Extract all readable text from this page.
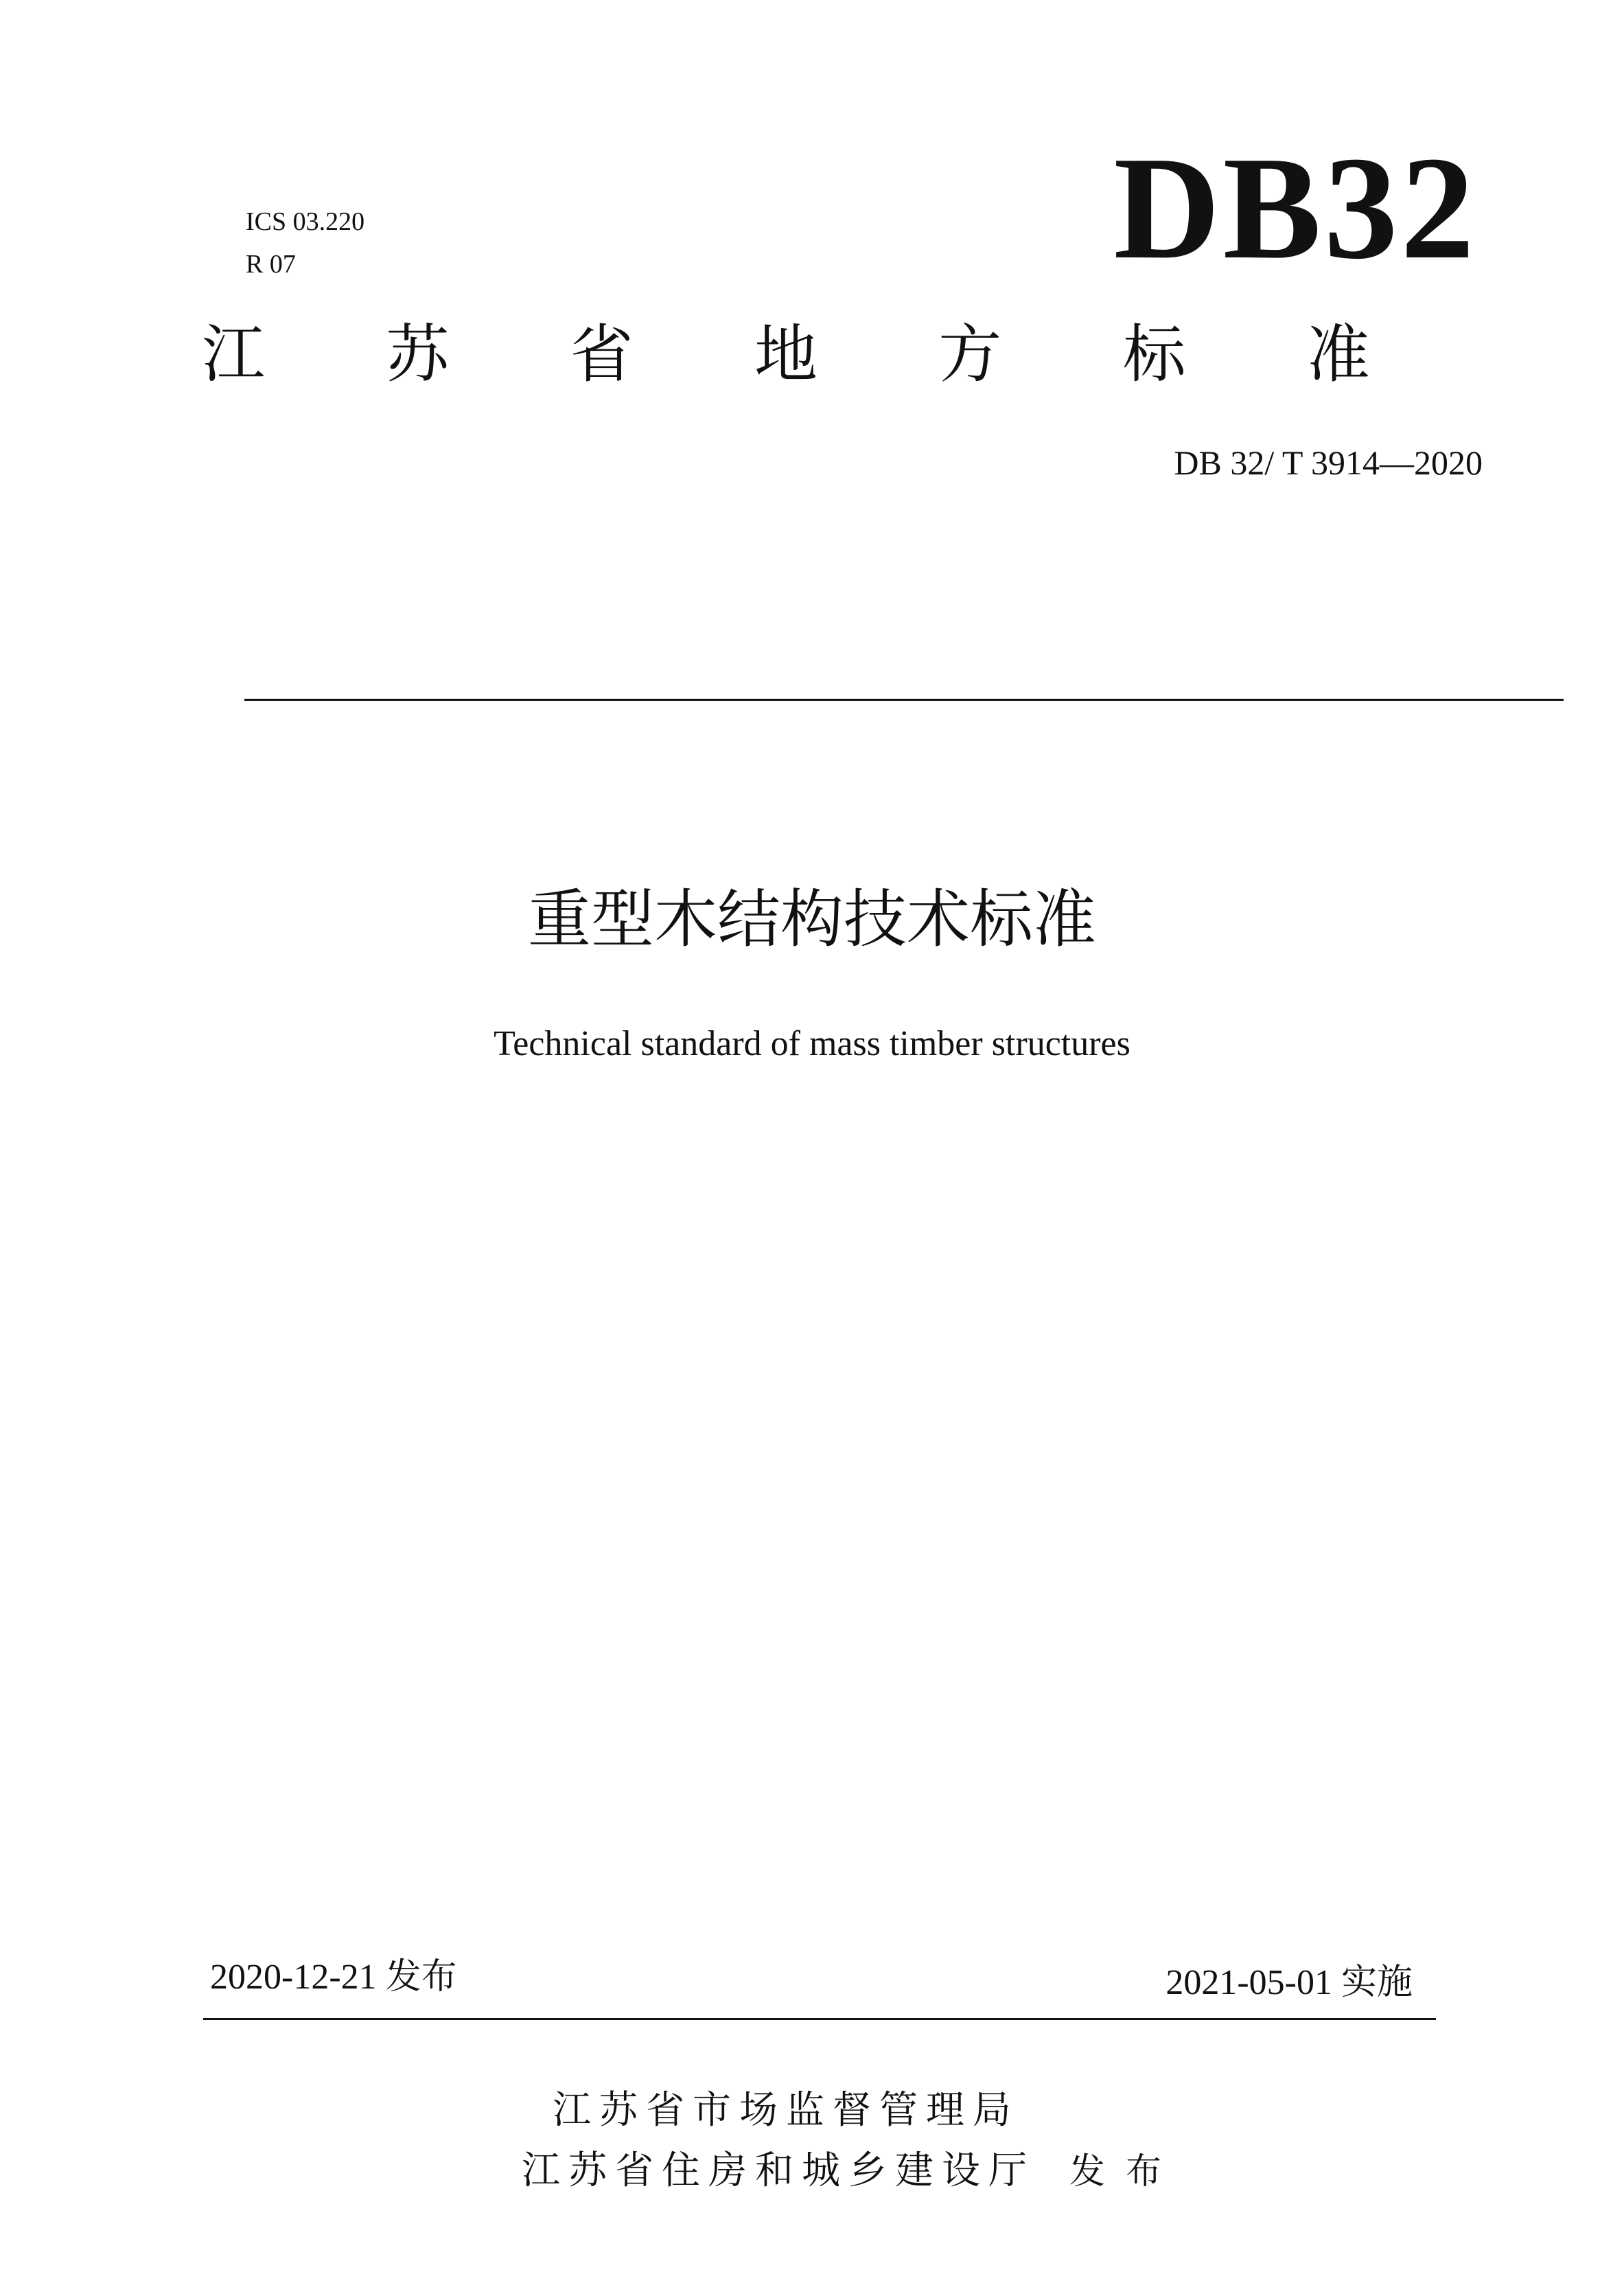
ICS 03.220
R 07	DB32
江 苏 省 地 方 标 准
DB 32/ T 3914—2020
重型木结构技术标准
Technical standard of mass timber structures
2020-12-21 发布	2021-05-01 实施
江苏省市场监督管理局
江苏省住房和城乡建设厅 发布
